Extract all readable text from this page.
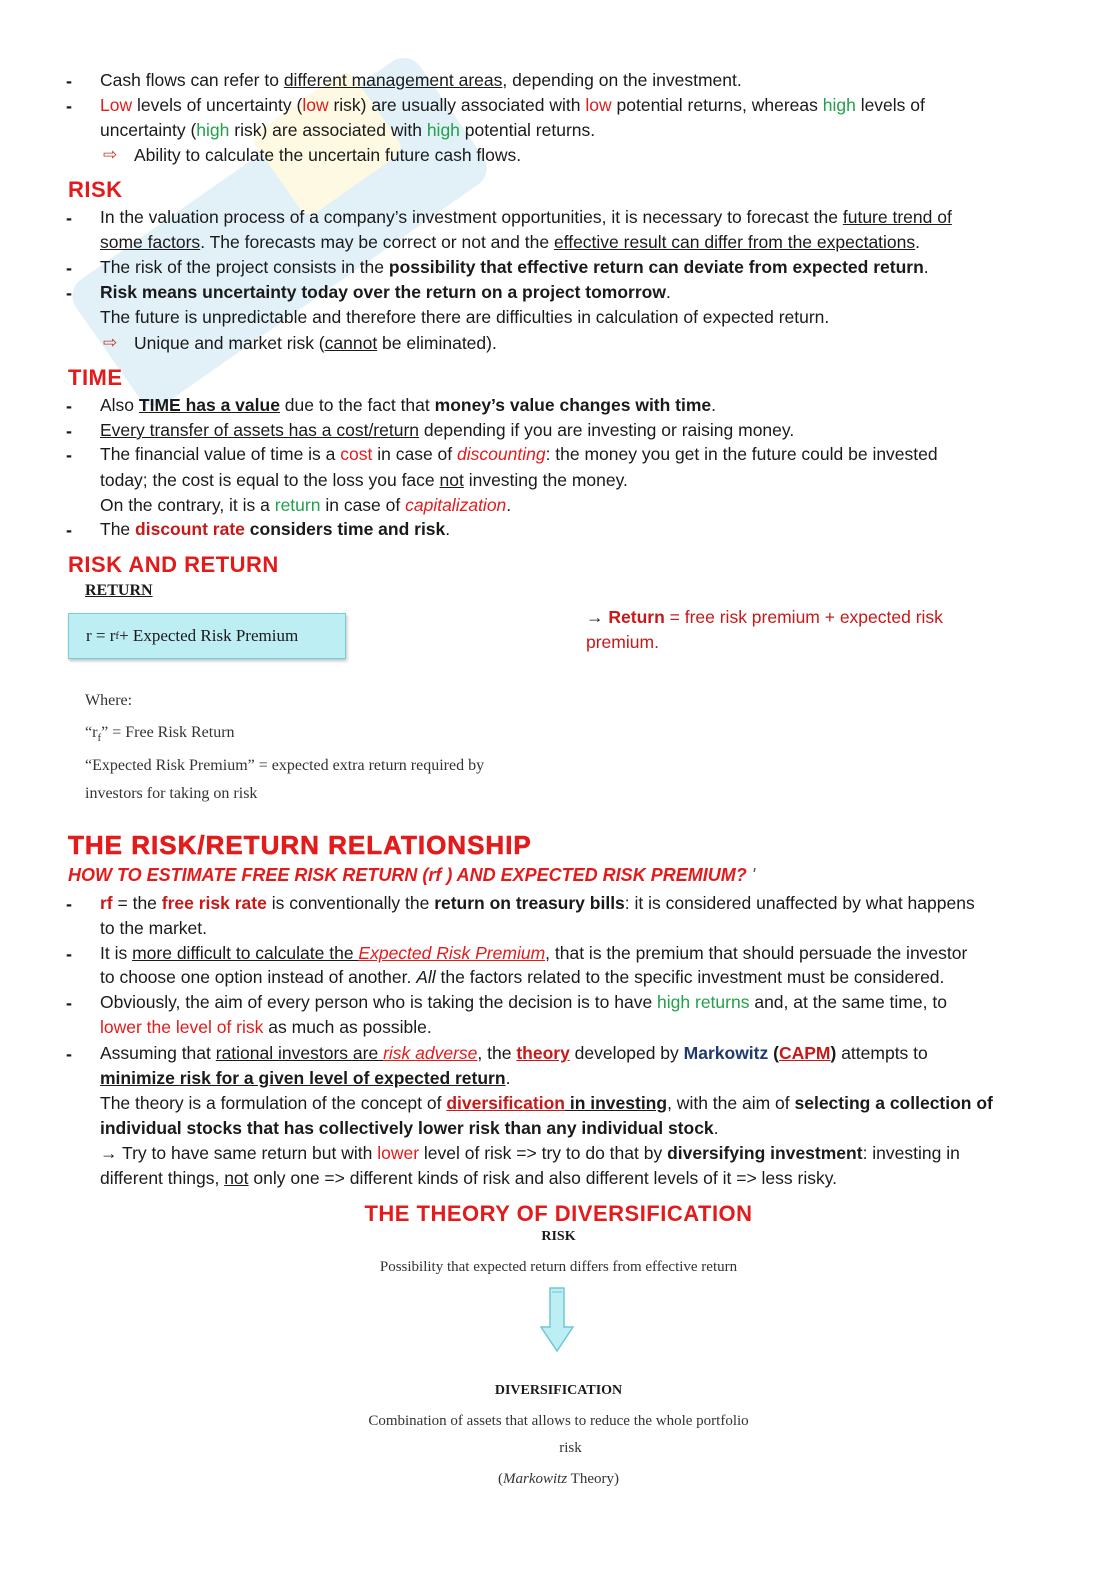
- Cash flows can refer to different management areas, depending on the investment.
- Low levels of uncertainty (low risk) are usually associated with low potential returns, whereas high levels of
uncertainty (high risk) are associated with high potential returns.
⇨ Ability to calculate the uncertain future cash flows.
RISK
- In the valuation process of a company’s investment opportunities, it is necessary to forecast the future trend of
some factors. The forecasts may be correct or not and the effective result can differ from the expectations.
- The risk of the project consists in the possibility that effective return can deviate from expected return.
- Risk means uncertainty today over the return on a project tomorrow.
The future is unpredictable and therefore there are difficulties in calculation of expected return.
⇨ Unique and market risk (cannot be eliminated).
TIME
- Also TIME has a value due to the fact that money’s value changes with time.
- Every transfer of assets has a cost/return depending if you are investing or raising money.
- The financial value of time is a cost in case of discounting: the money you get in the future could be invested
today; the cost is equal to the loss you face not investing the money.
On the contrary, it is a return in case of capitalization.
- The discount rate considers time and risk.
RISK AND RETURN
RETURN
r = r f + Expected Risk Premium
→ Return = free risk premium + expected risk
premium.
Where:
“$r_f$” = Free Risk Return
“Expected Risk Premium” = expected extra return required by
investors for taking on risk
THE RISK/RETURN RELATIONSHIP
HOW TO ESTIMATE FREE RISK RETURN (rf ) AND EXPECTED RISK PREMIUM? '
- rf = the free risk rate is conventionally the return on treasury bills: it is considered unaffected by what happens
to the market.
- It is more difficult to calculate the Expected Risk Premium, that is the premium that should persuade the investor
to choose one option instead of another. All the factors related to the specific investment must be considered.
- Obviously, the aim of every person who is taking the decision is to have high returns and, at the same time, to
lower the level of risk as much as possible.
- Assuming that rational investors are risk adverse, the theory developed by Markowitz (CAPM) attempts to
minimize risk for a given level of expected return.
The theory is a formulation of the concept of diversification in investing, with the aim of selecting a collection of
individual stocks that has collectively lower risk than any individual stock.
→ Try to have same return but with lower level of risk => try to do that by diversifying investment: investing in
different things, not only one => different kinds of risk and also different levels of it => less risky.
THE THEORY OF DIVERSIFICATION
RISK
Possibility that expected return differs from effective return
DIVERSIFICATION
Combination of assets that allows to reduce the whole portfolio
risk
(Markowitz Theory)
